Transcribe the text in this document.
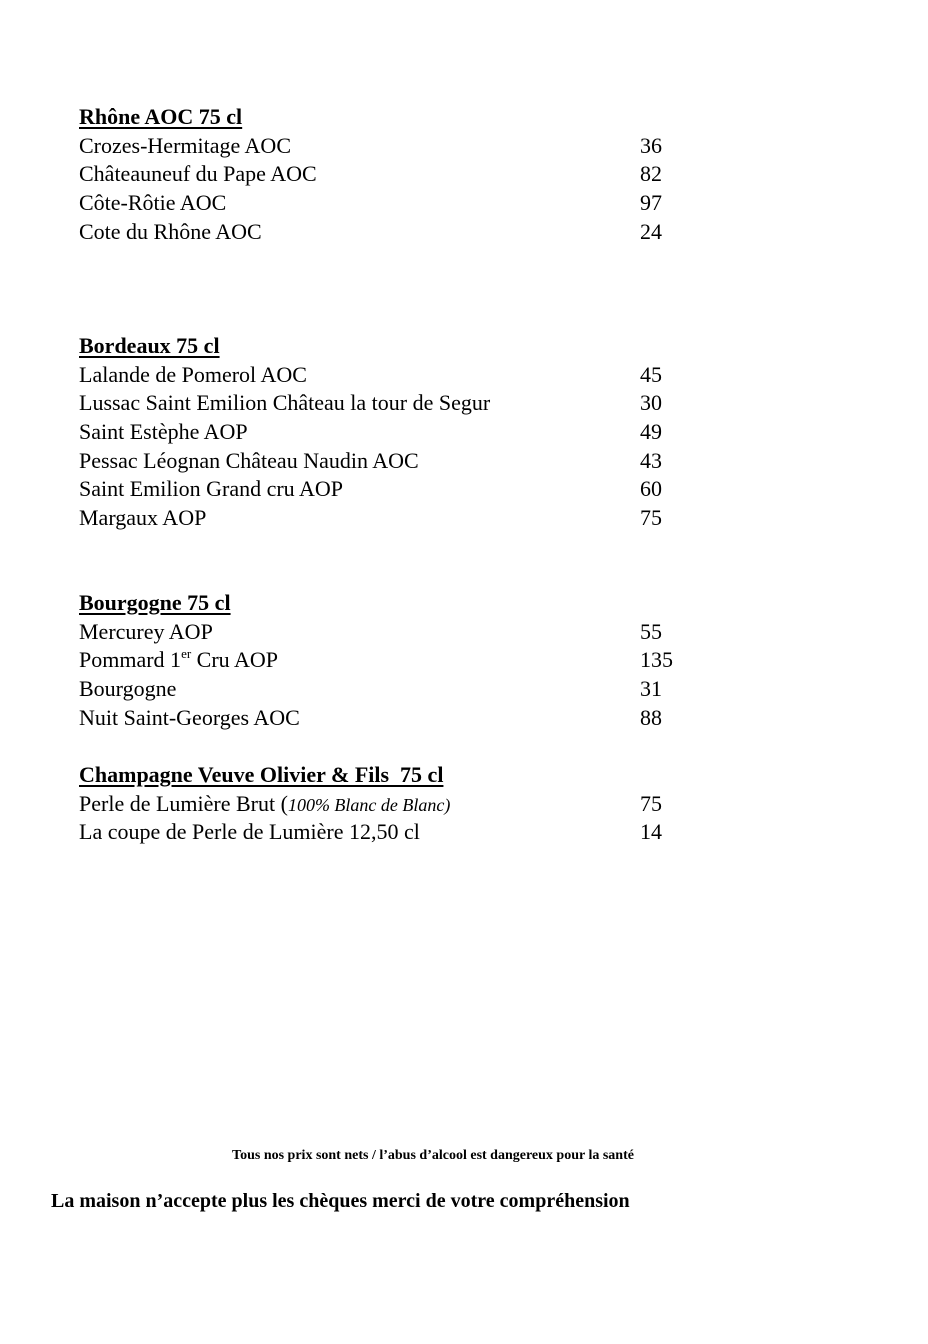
Rhône AOC 75 cl
Crozes-Hermitage AOC	36
Châteauneuf du Pape AOC	82
Côte-Rôtie AOC	97
Cote du Rhône AOC	24
Bordeaux 75 cl
Lalande de Pomerol AOC	45
Lussac Saint Emilion Château la tour de Segur	30
Saint Estèphe AOP	49
Pessac Léognan Château Naudin AOC	43
Saint Emilion Grand cru AOP	60
Margaux AOP	75
Bourgogne 75 cl
Mercurey AOP	55
Pommard 1er Cru AOP	135
Bourgogne	31
Nuit Saint-Georges AOC	88
Champagne Veuve Olivier & Fils  75 cl
Perle de Lumière Brut (100% Blanc de Blanc)	75
La coupe de Perle de Lumière 12,50 cl	14
Tous nos prix sont nets / l’abus d’alcool est dangereux pour la santé
La maison n’accepte plus les chèques merci de votre compréhension
